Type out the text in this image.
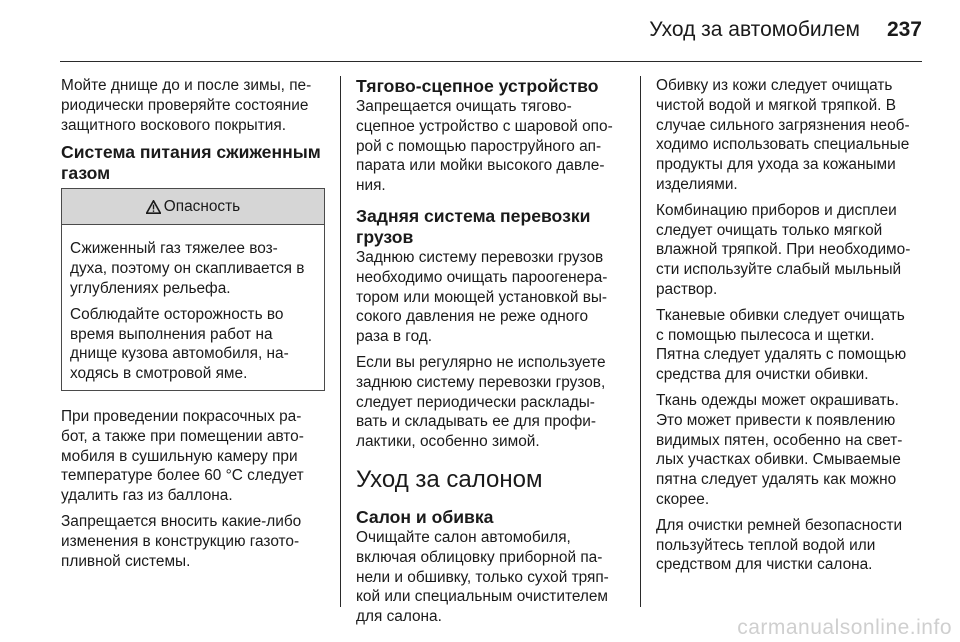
Уход за автомобилем 237
Мойте днище до и после зимы, пе-
риодически проверяйте состояние
защитного воскового покрытия.
Система питания сжиженным
газом
Опасность
Сжиженный газ тяжелее воз-
духа, поэтому он скапливается в
углублениях рельефа.
Соблюдайте осторожность во
время выполнения работ на
днище кузова автомобиля, на-
ходясь в смотровой яме.
При проведении покрасочных ра-
бот, а также при помещении авто-
мобиля в сушильную камеру при
температуре более 60 °C следует
удалить газ из баллона.
Запрещается вносить какие-либо
изменения в конструкцию газото-
пливной системы.
Тягово-сцепное устройство
Запрещается очищать тягово-
сцепное устройство с шаровой опо-
рой с помощью пароструйного ап-
парата или мойки высокого давле-
ния.
Задняя система перевозки
грузов
Заднюю систему перевозки грузов
необходимо очищать пароогенера-
тором или моющей установкой вы-
сокого давления не реже одного
раза в год.
Если вы регулярно не используете
заднюю систему перевозки грузов,
следует периодически расклады-
вать и складывать ее для профи-
лактики, особенно зимой.
Уход за салоном
Салон и обивка
Очищайте салон автомобиля,
включая облицовку приборной па-
нели и обшивку, только сухой тряп-
кой или специальным очистителем
для салона.
Обивку из кожи следует очищать
чистой водой и мягкой тряпкой. В
случае сильного загрязнения необ-
ходимо использовать специальные
продукты для ухода за кожаными
изделиями.
Комбинацию приборов и дисплеи
следует очищать только мягкой
влажной тряпкой. При необходимо-
сти используйте слабый мыльный
раствор.
Тканевые обивки следует очищать
с помощью пылесоса и щетки.
Пятна следует удалять с помощью
средства для очистки обивки.
Ткань одежды может окрашивать.
Это может привести к появлению
видимых пятен, особенно на свет-
лых участках обивки. Смываемые
пятна следует удалять как можно
скорее.
Для очистки ремней безопасности
пользуйтесь теплой водой или
средством для чистки салона.
carmanualsonline.info
